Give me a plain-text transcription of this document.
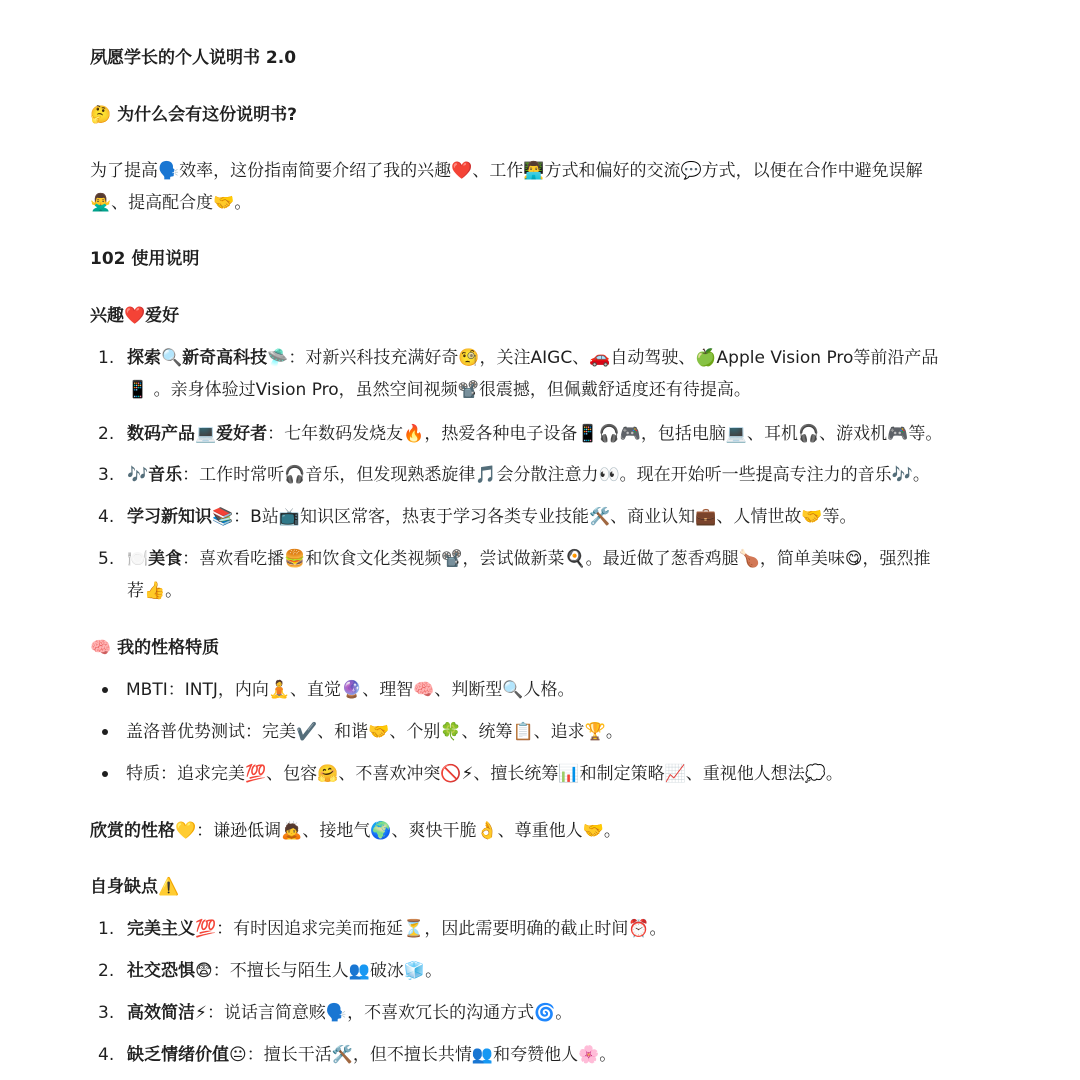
夙愿学长的个人说明书 2.0
🤔 为什么会有这份说明书?
为了提高🗣️效率，这份指南简要介绍了我的兴趣❤️、工作👨‍💻方式和偏好的交流💬方式，以便在合作中避免误解
🙅‍♂️、提高配合度🤝。
102 使用说明
兴趣❤️爱好
1. 探索🔍新奇高科技🛸：对新兴科技充满好奇🧐，关注AIGC、🚗自动驾驶、🍏Apple Vision Pro等前沿产品
📱 。亲身体验过Vision Pro，虽然空间视频📽️很震撼，但佩戴舒适度还有待提高。
2. 数码产品💻爱好者：七年数码发烧友🔥，热爱各种电子设备📱🎧🎮，包括电脑💻、耳机🎧、游戏机🎮等。
3. 🎶音乐：工作时常听🎧音乐，但发现熟悉旋律🎵会分散注意力👀。现在开始听一些提高专注力的音乐🎶。
4. 学习新知识📚：B站📺知识区常客，热衷于学习各类专业技能🛠️、商业认知💼、人情世故🤝等。
5. 🍽️美食：喜欢看吃播🍔和饮食文化类视频📽️，尝试做新菜🍳。最近做了葱香鸡腿🍗，简单美味😋，强烈推
荐👍。
🧠 我的性格特质
MBTI：INTJ，内向🧘、直觉🔮、理智🧠、判断型🔍人格。
盖洛普优势测试：完美✔️、和谐🤝、个别🍀、统筹📋、追求🏆。
特质：追求完美💯、包容🤗、不喜欢冲突🚫⚡、擅长统筹📊和制定策略📈、重视他人想法💭。
欣赏的性格💛：谦逊低调🙇、接地气🌍、爽快干脆👌、尊重他人🤝。
自身缺点⚠️
1. 完美主义💯：有时因追求完美而拖延⏳，因此需要明确的截止时间⏰。
2. 社交恐惧😨：不擅长与陌生人👥破冰🧊。
3. 高效简洁⚡：说话言简意赅🗣️，不喜欢冗长的沟通方式🌀。
4. 缺乏情绪价值😐：擅长干活🛠️，但不擅长共情👥和夸赞他人🌸。
